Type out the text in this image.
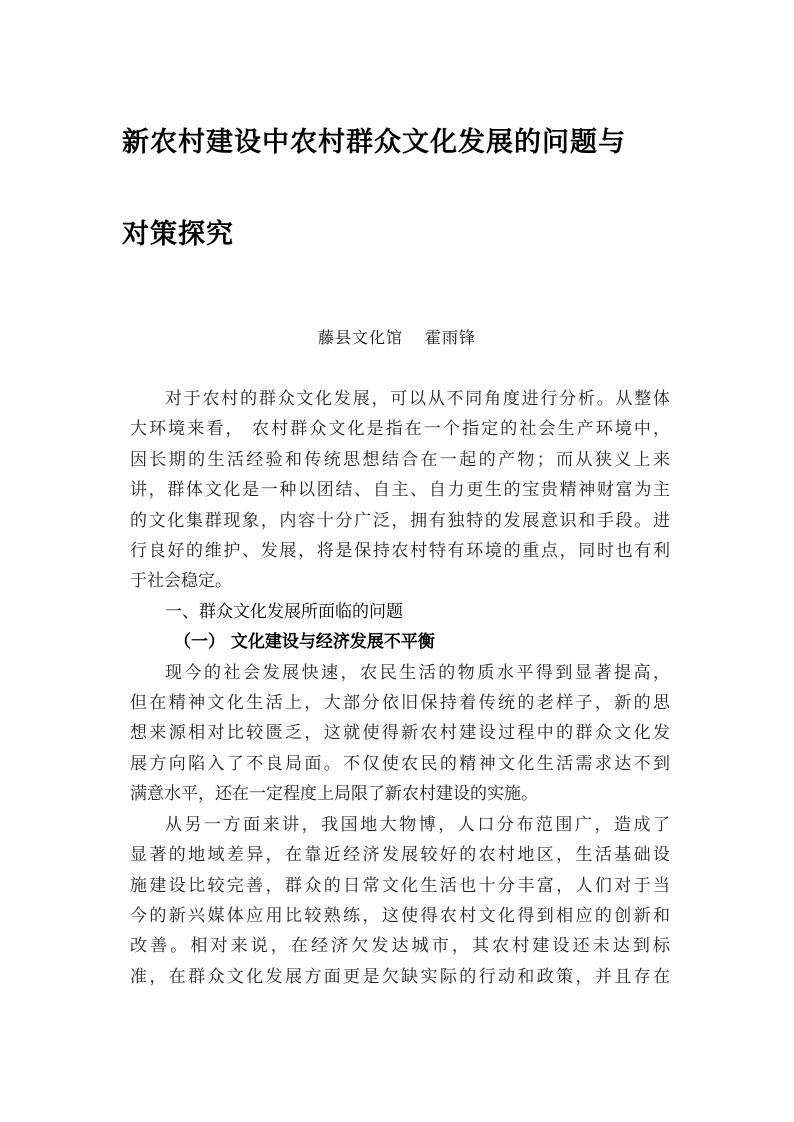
新农村建设中农村群众文化发展的问题与
对策探究
藤县文化馆 霍雨锋
对于农村的群众文化发展，可以从不同角度进行分析。从整体
大环境来看， 农村群众文化是指在一个指定的社会生产环境中，
因长期的生活经验和传统思想结合在一起的产物；而从狭义上来
讲，群体文化是一种以团结、自主、自力更生的宝贵精神财富为主
的文化集群现象，内容十分广泛，拥有独特的发展意识和手段。进
行良好的维护、发展，将是保持农村特有环境的重点，同时也有利
于社会稳定。
一、群众文化发展所面临的问题
（一） 文化建设与经济发展不平衡
现今的社会发展快速，农民生活的物质水平得到显著提高，
但在精神文化生活上，大部分依旧保持着传统的老样子，新的思
想来源相对比较匮乏，这就使得新农村建设过程中的群众文化发
展方向陷入了不良局面。不仅使农民的精神文化生活需求达不到
满意水平，还在一定程度上局限了新农村建设的实施。
从另一方面来讲，我国地大物博，人口分布范围广，造成了
显著的地域差异，在靠近经济发展较好的农村地区，生活基础设
施建设比较完善，群众的日常文化生活也十分丰富，人们对于当
今的新兴媒体应用比较熟练，这使得农村文化得到相应的创新和
改善。相对来说，在经济欠发达城市，其农村建设还未达到标
准，在群众文化发展方面更是欠缺实际的行动和政策，并且存在
